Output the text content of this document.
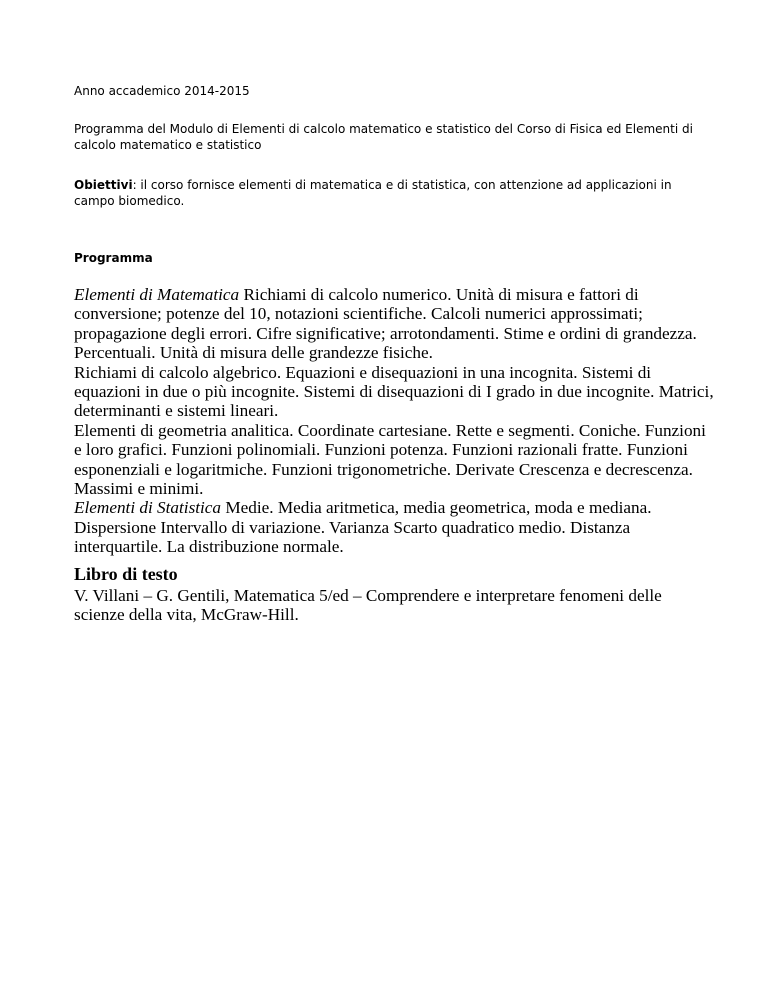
Anno accademico 2014-2015

Programma del Modulo di Elementi di calcolo matematico e statistico del Corso di Fisica ed Elementi di calcolo matematico e statistico

Obiettivi: il corso fornisce elementi di matematica e di statistica, con attenzione ad applicazioni in campo biomedico.

Programma

Elementi di Matematica Richiami di calcolo numerico. Unità di misura e fattori di conversione; potenze del 10, notazioni scientifiche. Calcoli numerici approssimati; propagazione degli errori. Cifre significative; arrotondamenti. Stime e ordini di grandezza. Percentuali. Unità di misura delle grandezze fisiche.

Richiami di calcolo algebrico. Equazioni e disequazioni in una incognita. Sistemi di equazioni in due o più incognite. Sistemi di disequazioni di I grado in due incognite. Matrici, determinanti e sistemi lineari.

Elementi di geometria analitica. Coordinate cartesiane. Rette e segmenti. Coniche. Funzioni e loro grafici. Funzioni polinomiali. Funzioni potenza. Funzioni razionali fratte. Funzioni esponenziali e logaritmiche. Funzioni trigonometriche. Derivate Crescenza e decrescenza. Massimi e minimi.

Elementi di Statistica Medie. Media aritmetica, media geometrica, moda e mediana. Dispersione Intervallo di variazione. Varianza Scarto quadratico medio. Distanza interquartile. La distribuzione normale.

Libro di testo

V. Villani – G. Gentili, Matematica 5/ed – Comprendere e interpretare fenomeni delle scienze della vita, McGraw-Hill.
